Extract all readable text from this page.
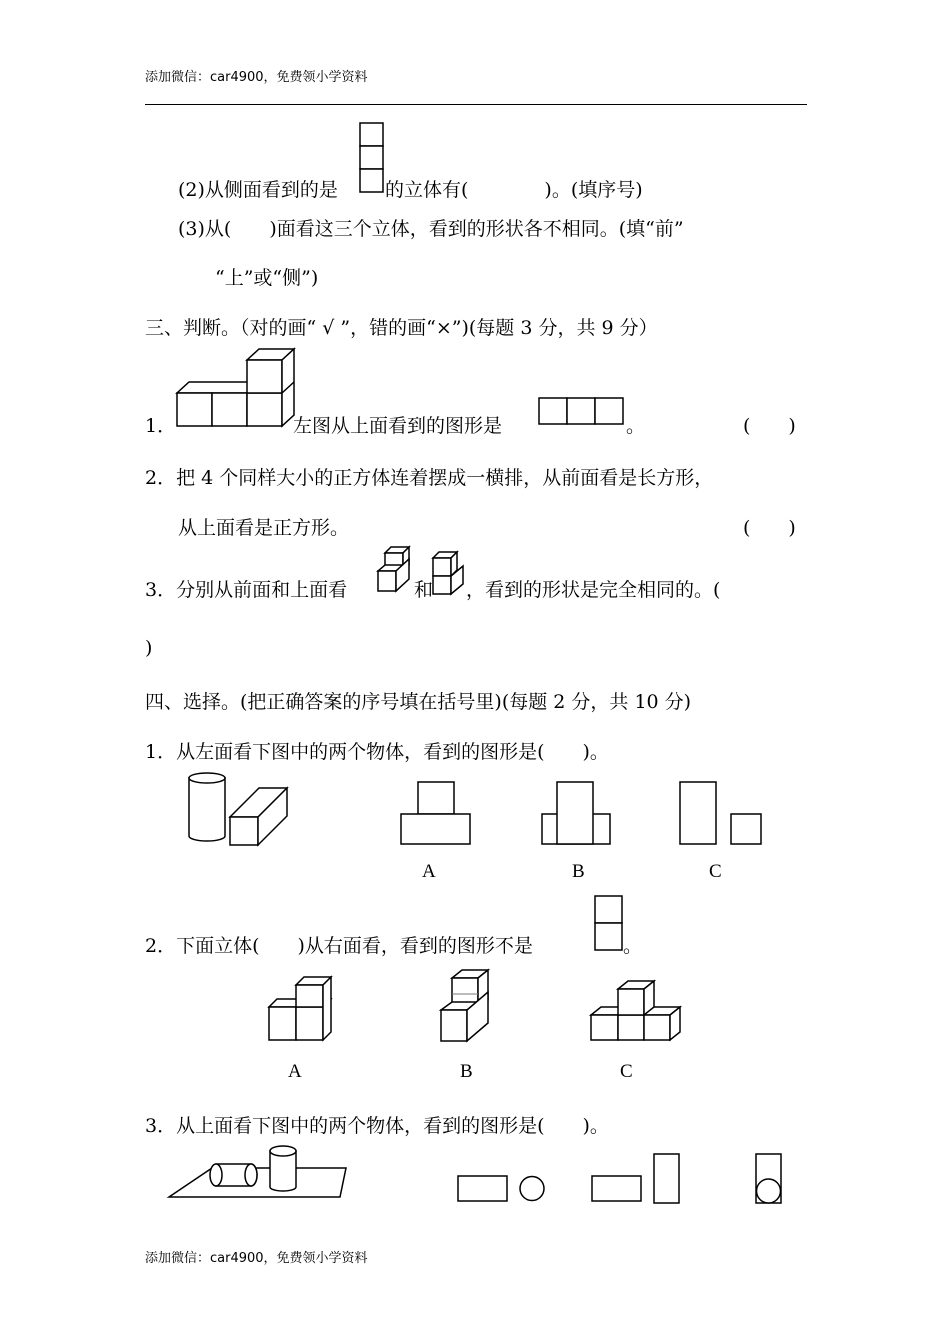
添加微信：car4900，免费领小学资料
(2)从侧面看到的是 的立体有(　　　　)。(填序号)
(3)从(　　)面看这三个立体，看到的形状各不相同。(填“前”
“上”或“侧”)
三、判断。（对的画“ √ ”，错的画“×”)(每题 3 分，共 9 分）
1．	左图从上面看到的图形是	。	(　　)
2．把 4 个同样大小的正方体连着摆成一横排，从前面看是长方形，
从上面看是正方形。	(　　)
3．分别从前面和上面看	和 ，看到的形状是完全相同的。(
)
四、选择。(把正确答案的序号填在括号里)(每题 2 分，共 10 分)
1．从左面看下图中的两个物体，看到的图形是(　　)。
A	B	C
2．下面立体(　　)从右面看，看到的图形不是	。
A	B	C
3．从上面看下图中的两个物体，看到的图形是(　　)。
添加微信：car4900，免费领小学资料
